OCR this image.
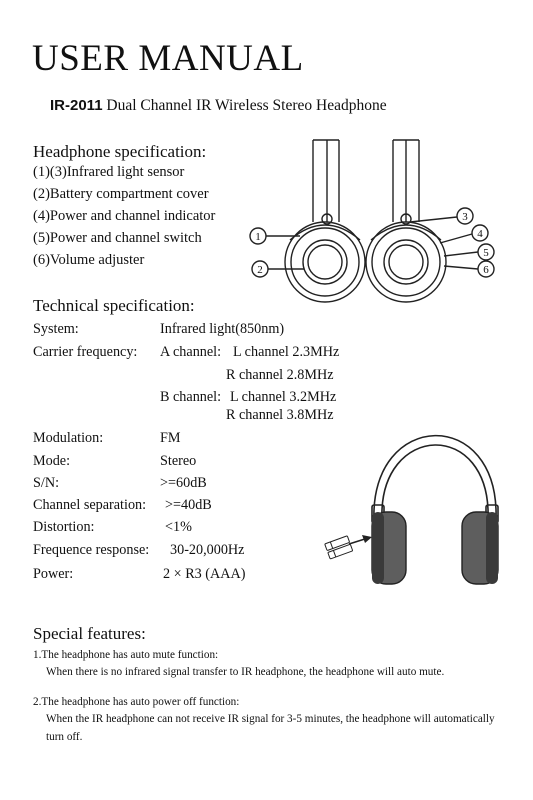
USER MANUAL
IR-2011 Dual Channel IR Wireless Stereo Headphone
Headphone specification:
(1)(3)Infrared light sensor
(2)Battery compartment cover
(4)Power and channel indicator
(5)Power and channel switch
(6)Volume adjuster
1
2
3
4
5
6
Technical specification:
System:	Infrared light(850nm)
Carrier frequency: A channel: L channel 2.3MHz
R channel 2.8MHz
B channel: L channel 3.2MHz
R channel 3.8MHz
Modulation:	FM
Mode:	Stereo
S/N:	>=60dB
Channel separation: >=40dB
Distortion:	<1%
Frequence response: 30-20,000Hz
Power:	2 × R3 (AAA)
Special features:
1.The headphone has auto mute function:
When there is no infrared signal transfer to IR headphone, the headphone will auto mute.
2.The headphone has auto power off function:
When the IR headphone can not receive IR signal for 3-5 minutes, the headphone will automatically
turn off.
